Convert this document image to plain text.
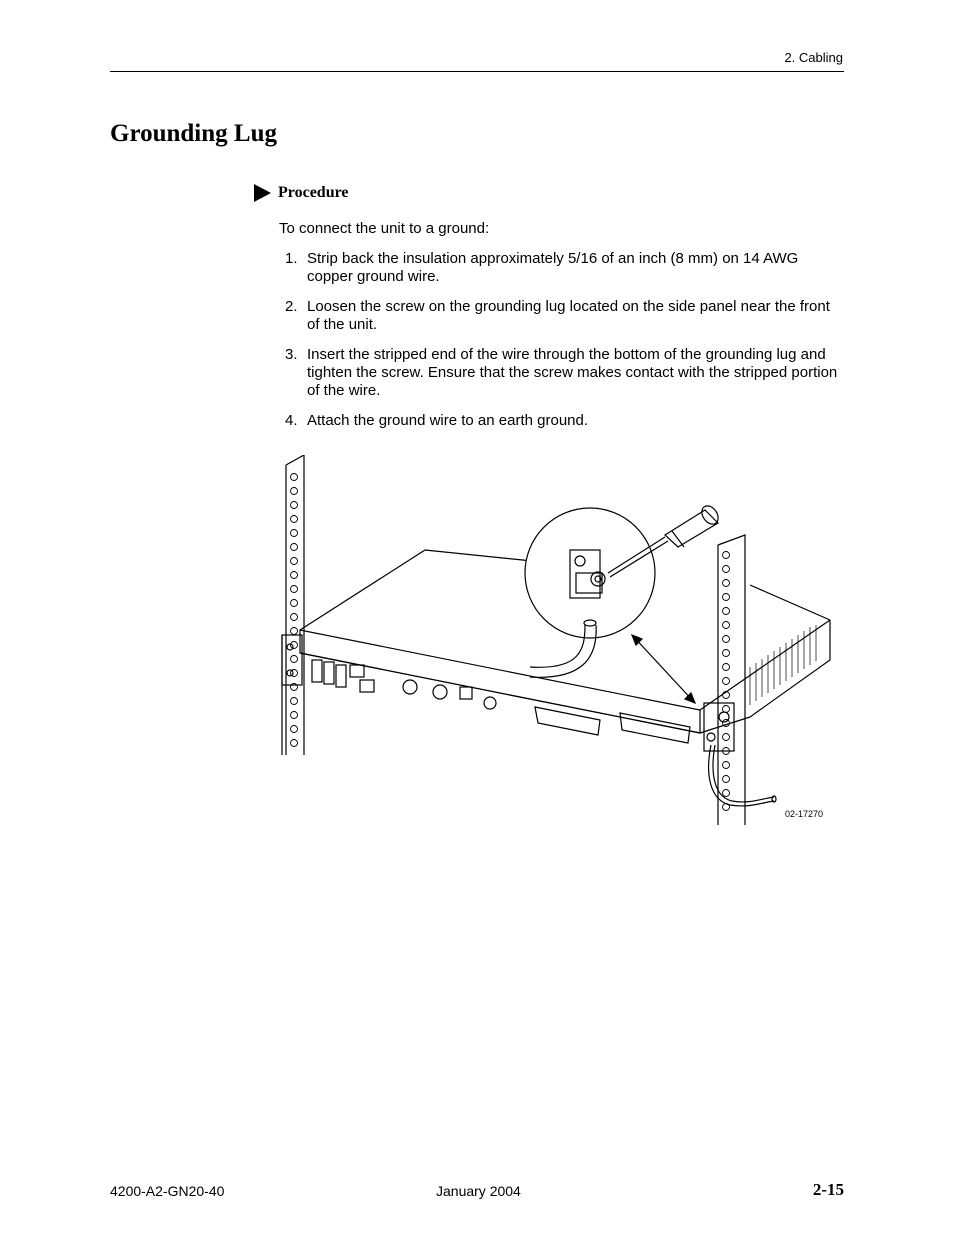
2. Cabling
Grounding Lug
Procedure
To connect the unit to a ground:
1. Strip back the insulation approximately 5/16 of an inch (8 mm) on 14 AWG copper ground wire.
2. Loosen the screw on the grounding lug located on the side panel near the front of the unit.
3. Insert the stripped end of the wire through the bottom of the grounding lug and tighten the screw. Ensure that the screw makes contact with the stripped portion of the wire.
4. Attach the ground wire to an earth ground.
02-17270
4200-A2-GN20-40	January 2004	2-15
